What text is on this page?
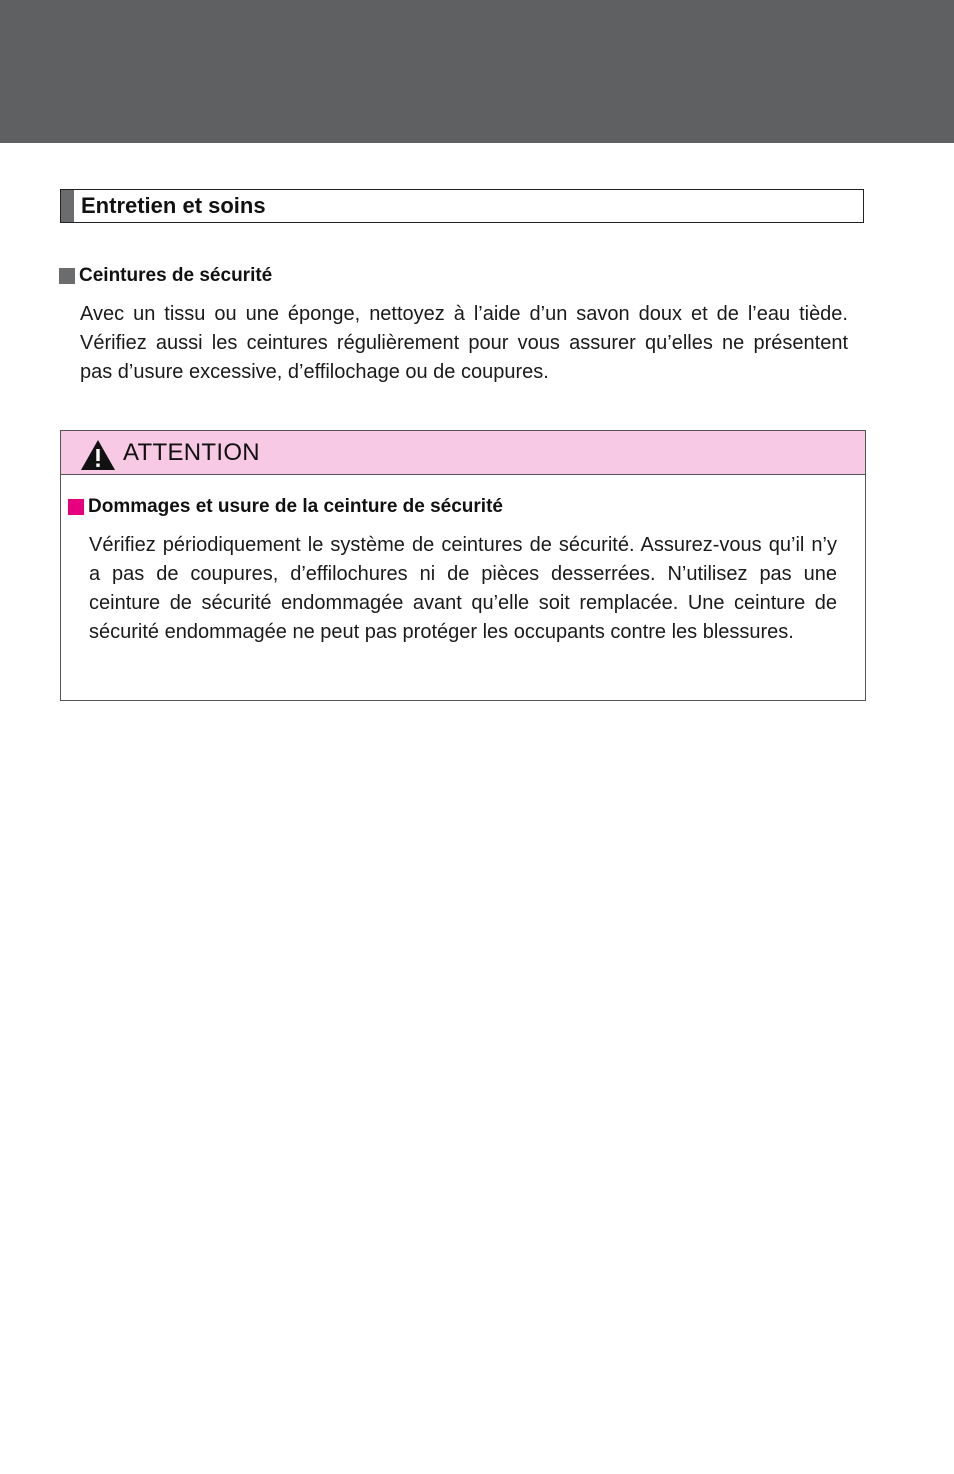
Entretien et soins
Ceintures de sécurité
Avec un tissu ou une éponge, nettoyez à l’aide d’un savon doux et de l’eau tiède. Vérifiez aussi les ceintures régulièrement pour vous assurer qu’elles ne présentent pas d’usure excessive, d’effilochage ou de coupures.
ATTENTION
Dommages et usure de la ceinture de sécurité
Vérifiez périodiquement le système de ceintures de sécurité. Assurez-vous qu’il n’y a pas de coupures, d’effilochures ni de pièces desserrées. N’utilisez pas une ceinture de sécurité endommagée avant qu’elle soit remplacée. Une ceinture de sécurité endommagée ne peut pas protéger les occupants contre les blessures.
